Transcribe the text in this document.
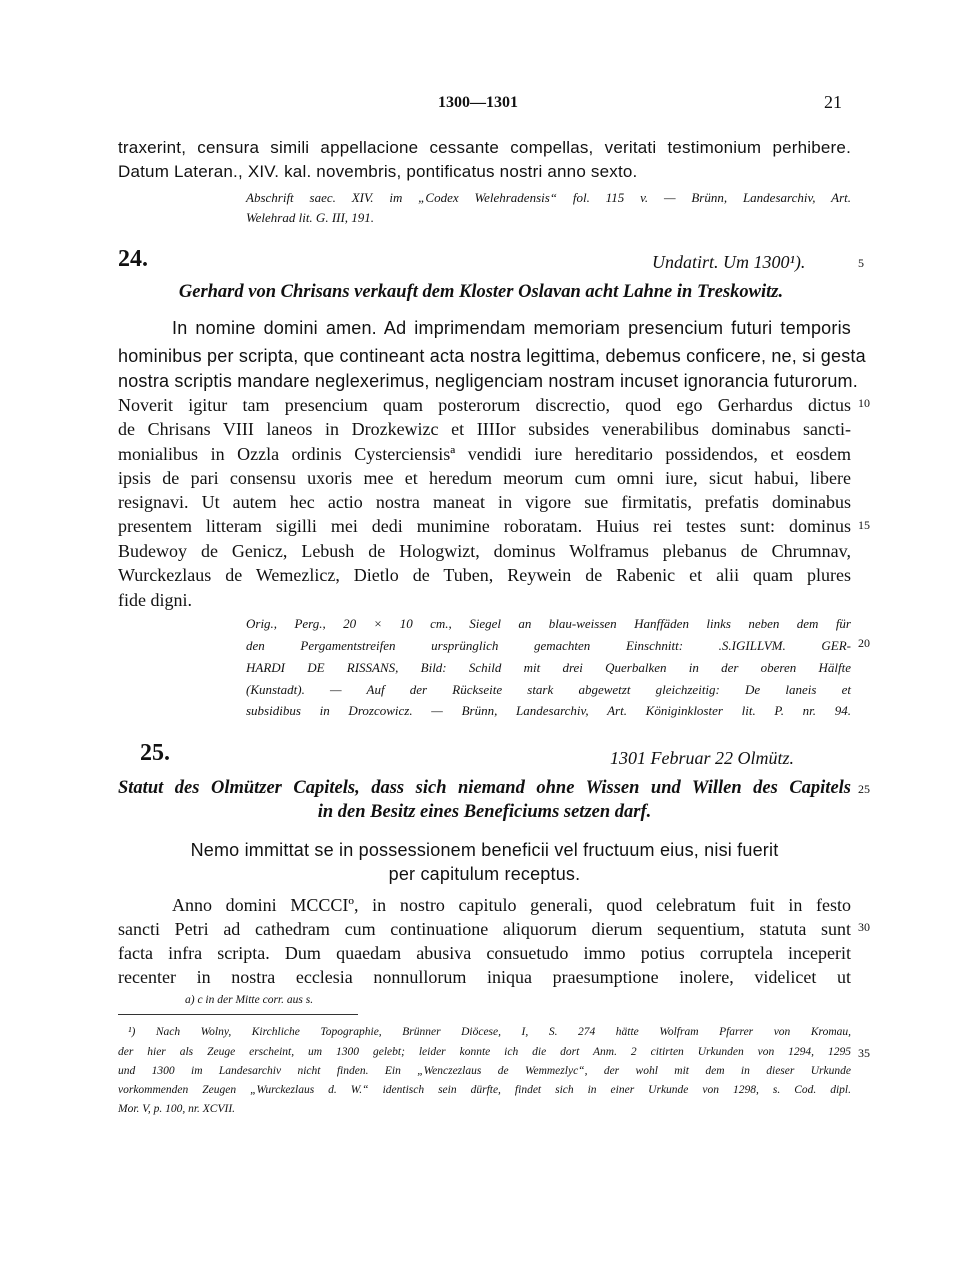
1300—1301	21
traxerint, censura simili appellacione cessante compellas, veritati testimonium perhibere.
Datum Lateran., XIV. kal. novembris, pontificatus nostri anno sexto.
Abschrift saec. XIV. im „Codex Welehradensis“ fol. 115 v. — Brünn, Landesarchiv, Art.
Welehrad lit. G. III, 191.
24.	Undatirt. Um 1300¹).	5
Gerhard von Chrisans verkauft dem Kloster Oslavan acht Lahne in Treskowitz.
In nomine domini amen. Ad imprimendam memoriam presencium futuri temporis
hominibus per scripta, que contineant acta nostra legittima, debemus conficere, ne, si gesta
nostra scriptis mandare neglexerimus, negligenciam nostram incuset ignorancia futurorum.
Noverit igitur tam presencium quam posterorum discrectio, quod ego Gerhardus dictus
de Chrisans VIII laneos in Drozkewizc et IIIIor subsides venerabilibus dominabus sancti-
monialibus in Ozzla ordinis Cysterciensisª vendidi iure hereditario possidendos, et eosdem
ipsis de pari consensu uxoris mee et heredum meorum cum omni iure, sicut habui, libere
resignavi. Ut autem hec actio nostra maneat in vigore sue firmitatis, prefatis dominabus
presentem litteram sigilli mei dedi munimine roboratam. Huius rei testes sunt: dominus
Budewoy de Genicz, Lebush de Hologwizt, dominus Wolframus plebanus de Chrumnav,
Wurckezlaus de Wemezlicz, Dietlo de Tuben, Reywein de Rabenic et alii quam plures
fide digni.
10
15
Orig., Perg., 20 × 10 cm., Siegel an blau-weissen Hanffäden links neben dem für
den Pergamentstreifen ursprünglich gemachten Einschnitt: .S.IGILLVM. GER-
HARDI DE RISSANS, Bild: Schild mit drei Querbalken in der oberen Hälfte
(Kunstadt). — Auf der Rückseite stark abgewetzt gleichzeitig: De laneis et
subsidibus in Drozcowicz. — Brünn, Landesarchiv, Art. Königinkloster lit. P. nr. 94.
20
25.	1301 Februar 22 Olmütz.
Statut des Olmützer Capitels, dass sich niemand ohne Wissen und Willen des Capitels
in den Besitz eines Beneficiums setzen darf.
25
Nemo immittat se in possessionem beneficii vel fructuum eius, nisi fuerit
per capitulum receptus.
Anno domini MCCCIº, in nostro capitulo generali, quod celebratum fuit in festo
sancti Petri ad cathedram cum continuatione aliquorum dierum sequentium, statuta sunt
facta infra scripta. Dum quaedam abusiva consuetudo immo potius corruptela inceperit
recenter in nostra ecclesia nonnullorum iniqua praesumptione inolere, videlicet ut
30
a) c in der Mitte corr. aus s.
¹) Nach Wolny, Kirchliche Topographie, Brünner Diöcese, I, S. 274 hätte Wolfram Pfarrer von Kromau,
der hier als Zeuge erscheint, um 1300 gelebt; leider konnte ich die dort Anm. 2 citirten Urkunden von 1294, 1295
und 1300 im Landesarchiv nicht finden. Ein „Wenczezlaus de Wemmezlyc“, der wohl mit dem in dieser Urkunde
vorkommenden Zeugen „Wurckezlaus d. W.“ identisch sein dürfte, findet sich in einer Urkunde von 1298, s. Cod. dipl.
Mor. V, p. 100, nr. XCVII.
35
